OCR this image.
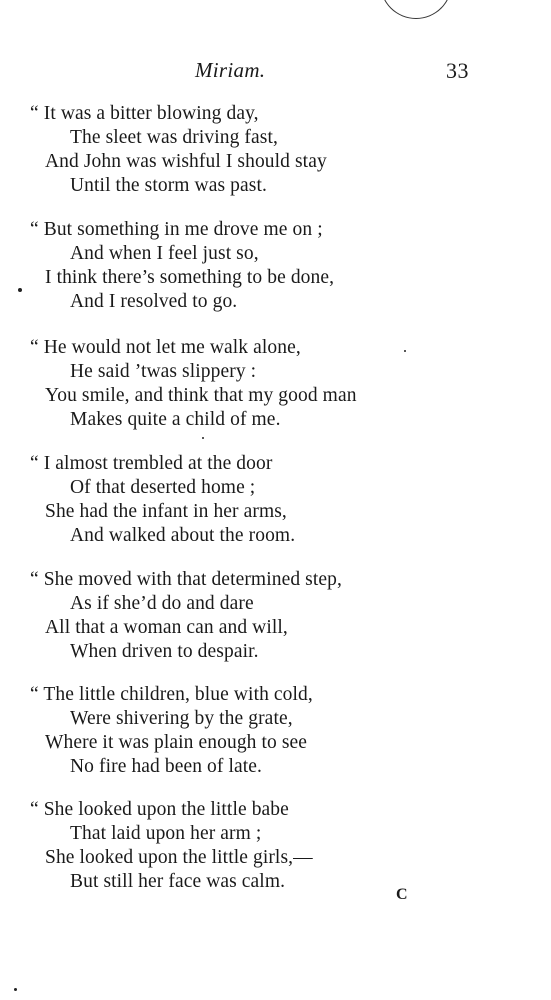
Miriam.	33
“ It was a bitter blowing day,
The sleet was driving fast,
And John was wishful I should stay
Until the storm was past.
“ But something in me drove me on ;
And when I feel just so,
I think there’s something to be done,
And I resolved to go.
“ He would not let me walk alone,
He said ’twas slippery :
You smile, and think that my good man
Makes quite a child of me.
“ I almost trembled at the door
Of that deserted home ;
She had the infant in her arms,
And walked about the room.
“ She moved with that determined step,
As if she’d do and dare
All that a woman can and will,
When driven to despair.
“ The little children, blue with cold,
Were shivering by the grate,
Where it was plain enough to see
No fire had been of late.
“ She looked upon the little babe
That laid upon her arm ;
She looked upon the little girls,—
But still her face was calm.
C
